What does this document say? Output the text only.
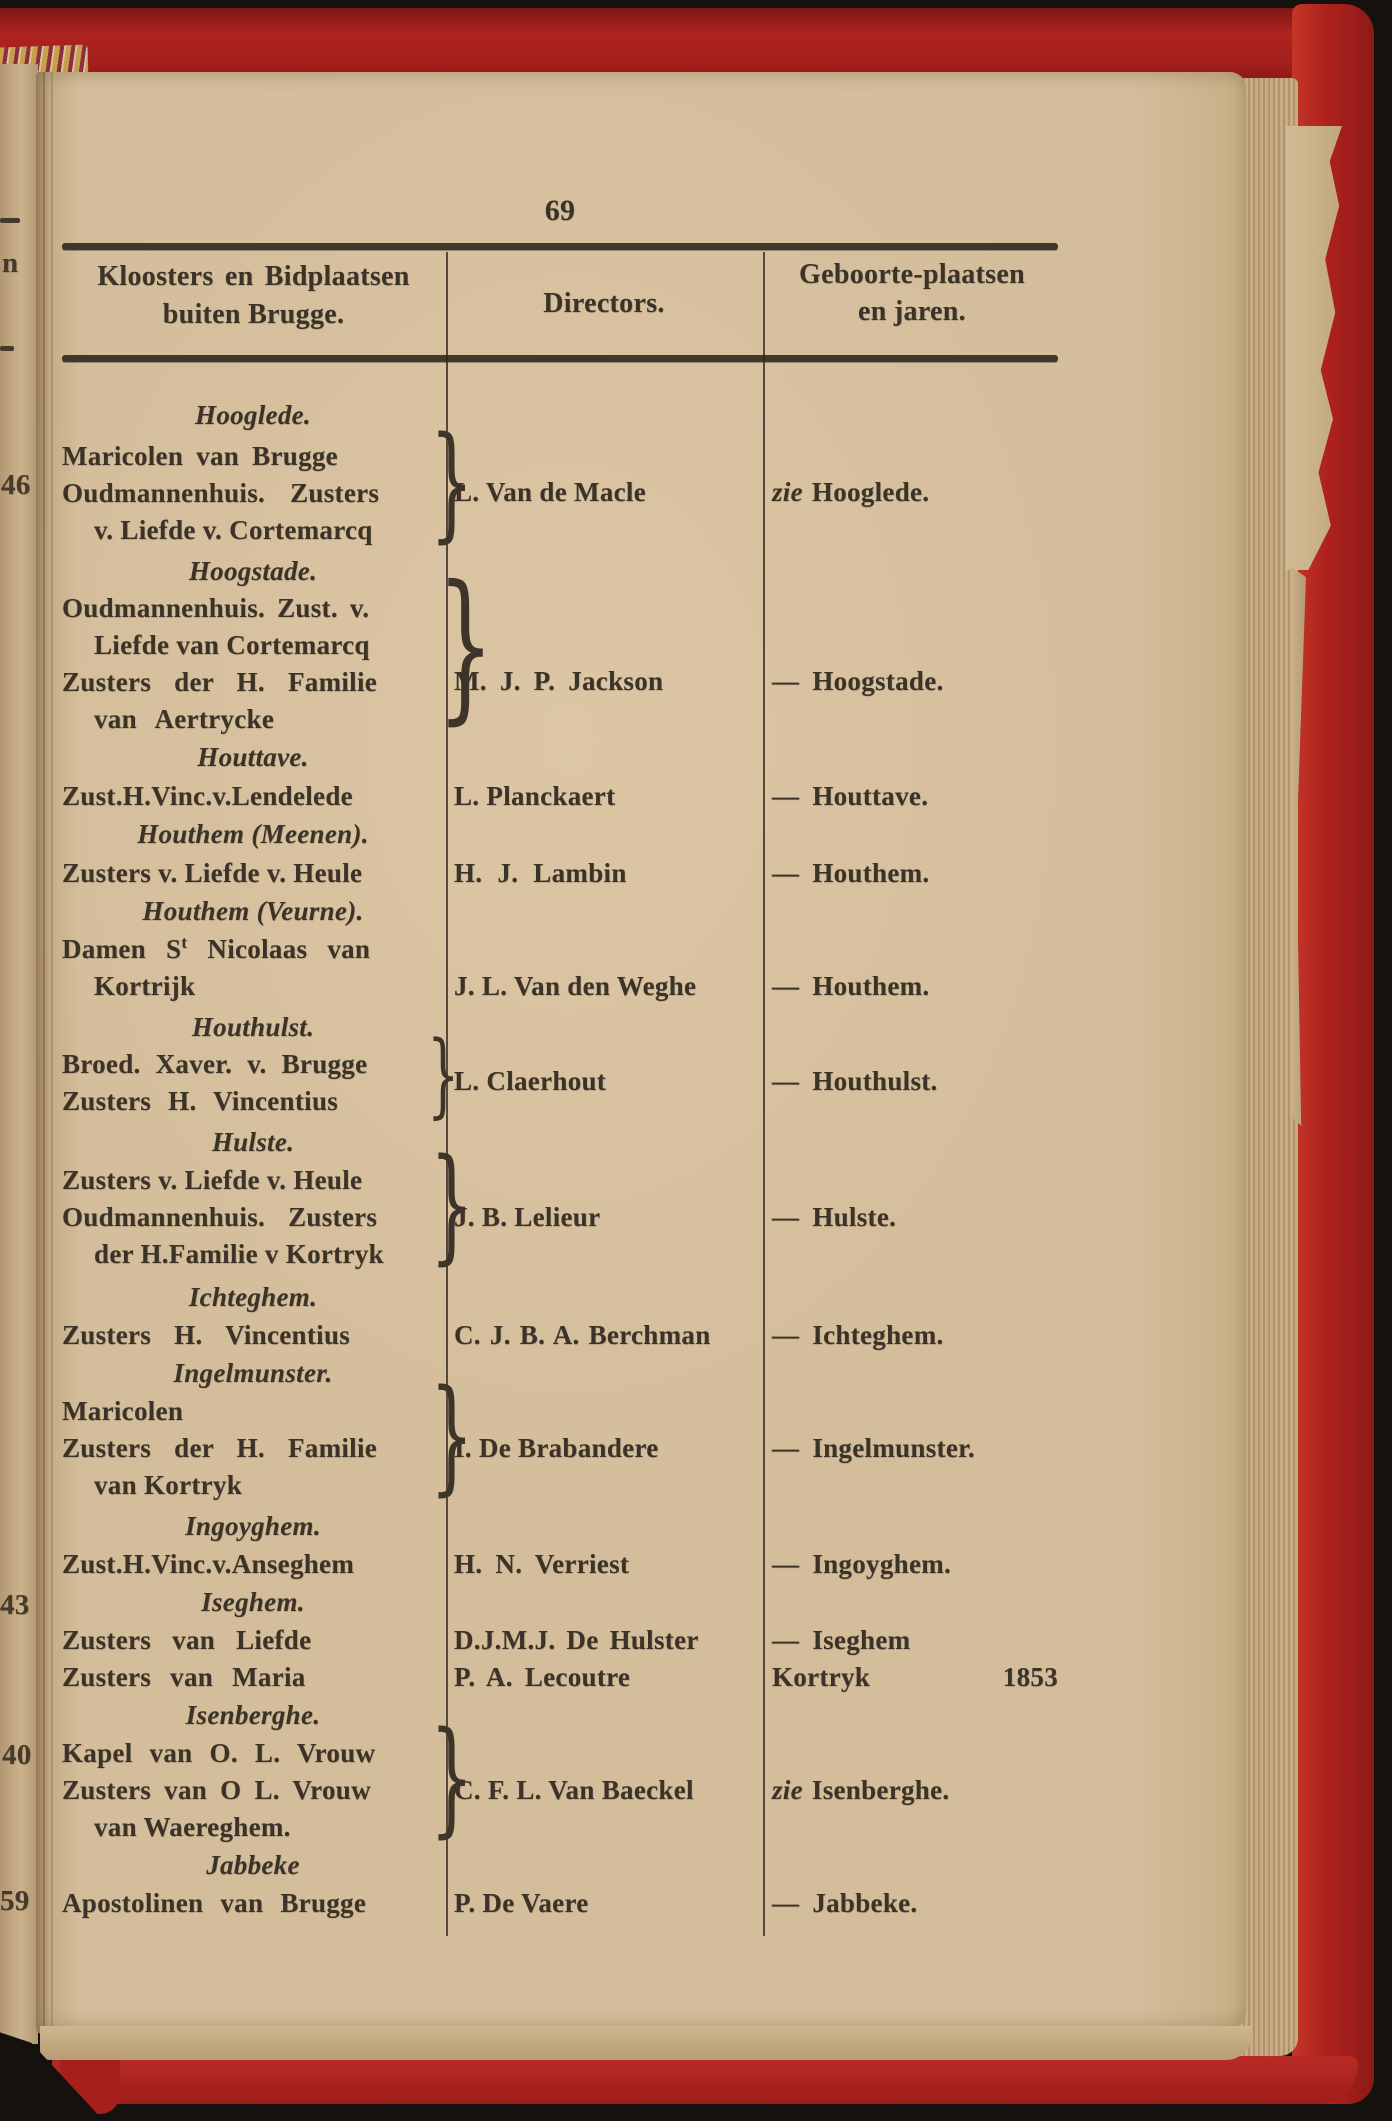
n
46
43
40
59
69
Kloosters en Bidplaatsen
buiten Brugge.	Directors.
Geboorte-plaatsen
en jaren.
Hooglede.
Maricolen van Brugge
Oudmannenhuis. Zusters
v. Liefde v. Cortemarcq }
L. Van de Macle	zie Hooglede.
Hoogstade.
Oudmannenhuis. Zust. v.
Liefde van Cortemarcq
Zusters der H. Familie
van Aertrycke }
M. J. P. Jackson	— Hoogstade.
Houttave.
Zust.H.Vinc.v.Lendelede	L. Planckaert	— Houttave.
Houthem (Meenen).
Zusters v. Liefde v. Heule	H. J. Lambin	— Houthem.
Houthem (Veurne).
Damen $S^t$ Nicolaas van
Kortrijk	J. L. Van den Weghe	— Houthem.
Houthulst.
Broed. Xaver. v. Brugge
Zusters H. Vincentius }
L. Claerhout	— Houthulst.
Hulste.
Zusters v. Liefde v. Heule
Oudmannenhuis. Zusters
der H.Familie v Kortryk }
J. B. Lelieur	— Hulste.
Ichteghem.
Zusters H. Vincentius	C. J. B. A. Berchman — Ichteghem.
Ingelmunster.
Maricolen
Zusters der H. Familie
van Kortryk }
I. De Brabandere	— Ingelmunster.
Ingoyghem.
Zust.H.Vinc.v.Anseghem	H. N. Verriest	— Ingoyghem.
Iseghem.
Zusters van Liefde	D.J.M.J. De Hulster	— Iseghem
Zusters van Maria	P. A. Lecoutre	Kortryk	1853
Isenberghe.
Kapel van O. L. Vrouw
Zusters van O L. Vrouw
van Waereghem. }
C. F. L. Van Baeckel	zie Isenberghe.
Jabbeke
Apostolinen van Brugge	P. De Vaere	— Jabbeke.
